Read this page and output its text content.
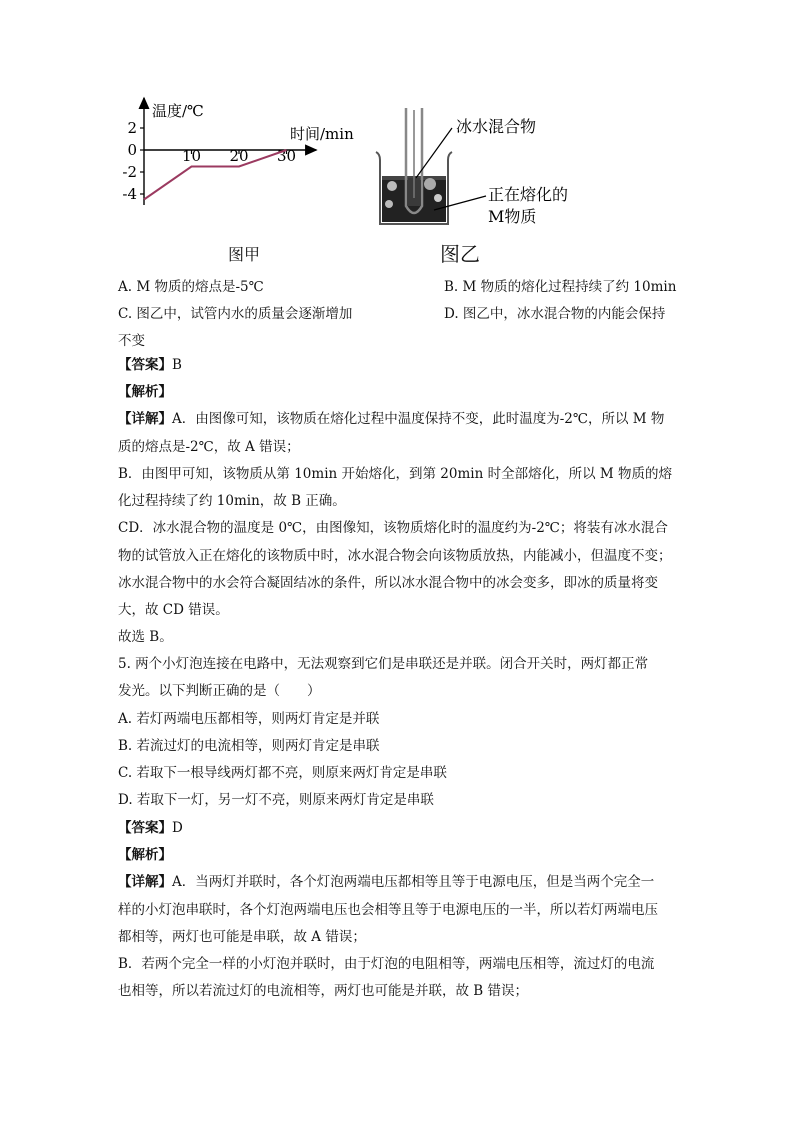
2
0
-2
-4
10 20 30
温度/℃
时间/min
图甲
冰水混合物
正在熔化的
M物质
图乙
A. M 物质的熔点是-5℃	B. M 物质的熔化过程持续了约 10min
C. 图乙中，试管内水的质量会逐渐增加	D. 图乙中，冰水混合物的内能会保持
不变
【答案】B
【解析】
【详解】A．由图像可知，该物质在熔化过程中温度保持不变，此时温度为-2℃，所以 M 物
质的熔点是-2℃，故 A 错误；
B．由图甲可知，该物质从第 10min 开始熔化，到第 20min 时全部熔化，所以 M 物质的熔
化过程持续了约 10min，故 B 正确。
CD．冰水混合物的温度是 0℃，由图像知，该物质熔化时的温度约为-2℃；将装有冰水混合
物的试管放入正在熔化的该物质中时，冰水混合物会向该物质放热，内能减小，但温度不变；
冰水混合物中的水会符合凝固结冰的条件，所以冰水混合物中的冰会变多，即冰的质量将变
大，故 CD 错误。
故选 B。
5. 两个小灯泡连接在电路中，无法观察到它们是串联还是并联。闭合开关时，两灯都正常
发光。以下判断正确的是（　　）
A. 若灯两端电压都相等，则两灯肯定是并联
B. 若流过灯的电流相等，则两灯肯定是串联
C. 若取下一根导线两灯都不亮，则原来两灯肯定是串联
D. 若取下一灯，另一灯不亮，则原来两灯肯定是串联
【答案】D
【解析】
【详解】A．当两灯并联时，各个灯泡两端电压都相等且等于电源电压，但是当两个完全一
样的小灯泡串联时，各个灯泡两端电压也会相等且等于电源电压的一半，所以若灯两端电压
都相等，两灯也可能是串联，故 A 错误；
B．若两个完全一样的小灯泡并联时，由于灯泡的电阻相等，两端电压相等，流过灯的电流
也相等，所以若流过灯的电流相等，两灯也可能是并联，故 B 错误；
